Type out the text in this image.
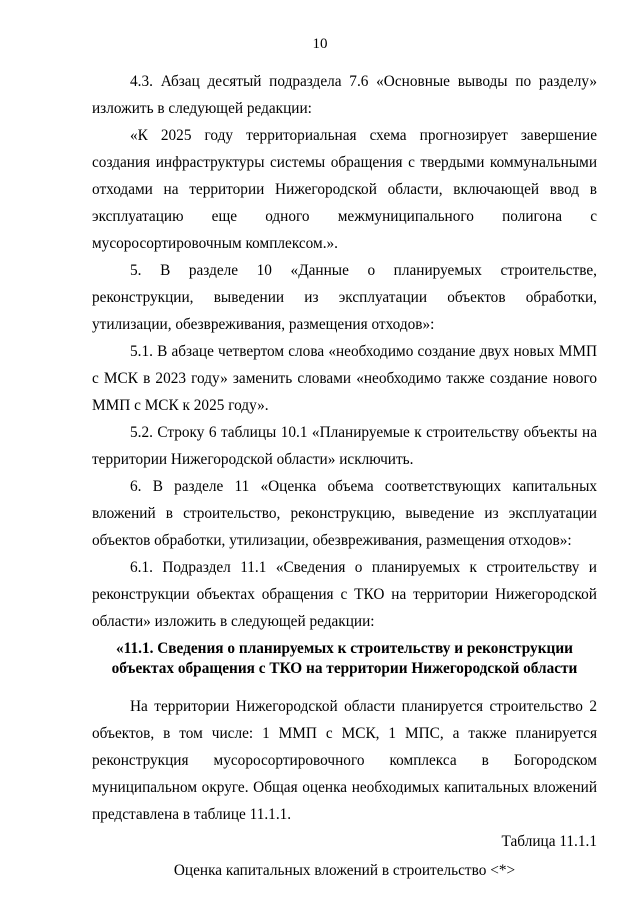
10

4.3. Абзац десятый подраздела 7.6 «Основные выводы по разделу» изложить в следующей редакции:

«К 2025 году территориальная схема прогнозирует завершение создания инфраструктуры системы обращения с твердыми коммунальными отходами на территории Нижегородской области, включающей ввод в эксплуатацию еще одного межмуниципального полигона с мусоросортировочным комплексом.».

5. В разделе 10 «Данные о планируемых строительстве, реконструкции, выведении из эксплуатации объектов обработки, утилизации, обезвреживания, размещения отходов»:

5.1. В абзаце четвертом слова «необходимо создание двух новых ММП с МСК в 2023 году» заменить словами «необходимо также создание нового ММП с МСК к 2025 году».

5.2. Строку 6 таблицы 10.1 «Планируемые к строительству объекты на территории Нижегородской области» исключить.

6. В разделе 11 «Оценка объема соответствующих капитальных вложений в строительство, реконструкцию, выведение из эксплуатации объектов обработки, утилизации, обезвреживания, размещения отходов»:

6.1. Подраздел 11.1 «Сведения о планируемых к строительству и реконструкции объектах обращения с ТКО на территории Нижегородской области» изложить в следующей редакции:

«11.1. Сведения о планируемых к строительству и реконструкции
объектах обращения с ТКО на территории Нижегородской области

На территории Нижегородской области планируется строительство 2 объектов, в том числе: 1 ММП с МСК, 1 МПС, а также планируется реконструкция мусоросортировочного комплекса в Богородском муниципальном округе. Общая оценка необходимых капитальных вложений представлена в таблице 11.1.1.

Таблица 11.1.1

Оценка капитальных вложений в строительство <*>
